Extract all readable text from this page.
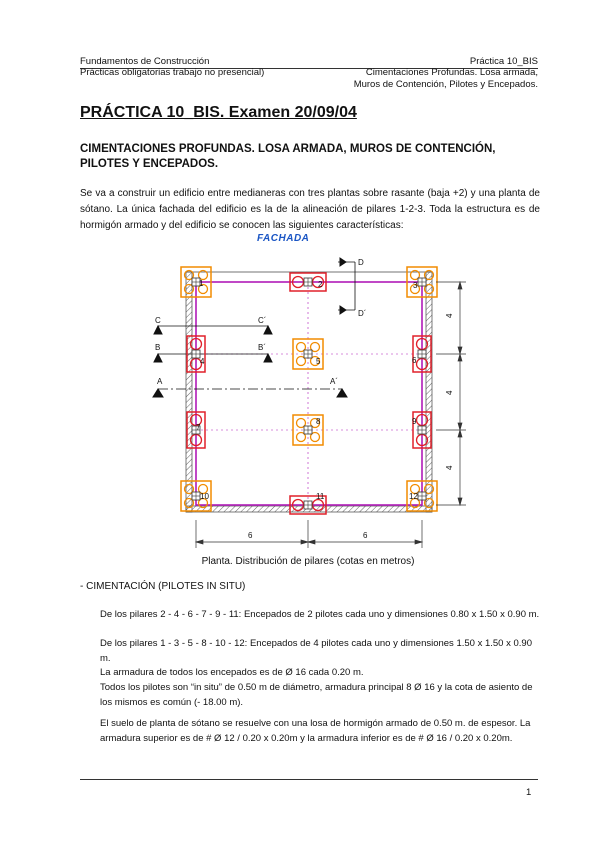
Fundamentos de Construcción	Práctica 10_BIS
Prácticas obligatorias trabajo no presencial)	Cimentaciones Profundas. Losa armada,
Muros de Contención, Pilotes y Encepados.
PRÁCTICA 10_BIS. Examen 20/09/04
CIMENTACIONES PROFUNDAS. LOSA ARMADA, MUROS DE CONTENCIÓN, PILOTES Y ENCEPADOS.
Se va a construir un edificio entre medianeras con tres plantas sobre rasante (baja +2) y una planta de sótano. La única fachada del edificio es la de la alineación de pilares 1-2-3. Toda la estructura es de hormigón armado y del edificio se conocen las siguientes características:
FACHADA
D
D´
C	C´
B	B´
A	A´
1	2	3
4	5	6
7
8	9
10	11	12
6	6
4
4
4
Planta. Distribución de pilares (cotas en metros)
- CIMENTACIÓN (PILOTES IN SITU)
De los pilares 2 - 4 - 6 - 7 - 9 - 11: Encepados de 2 pilotes cada uno y dimensiones 0.80 x 1.50 x 0.90 m.
De los pilares 1 - 3 - 5 - 8 - 10 - 12: Encepados de 4 pilotes cada uno y dimensiones 1.50 x 1.50 x 0.90 m.
La armadura de todos los encepados es de Ø 16 cada 0.20 m.
Todos los pilotes son “in situ” de 0.50 m de diámetro, armadura principal 8 Ø 16 y la cota de asiento de los mismos es común (- 18.00 m).
El suelo de planta de sótano se resuelve con una losa de hormigón armado de 0.50 m. de espesor. La armadura superior es de # Ø 12 / 0.20 x 0.20m y la armadura inferior es de # Ø 16 / 0.20 x 0.20m.
1
